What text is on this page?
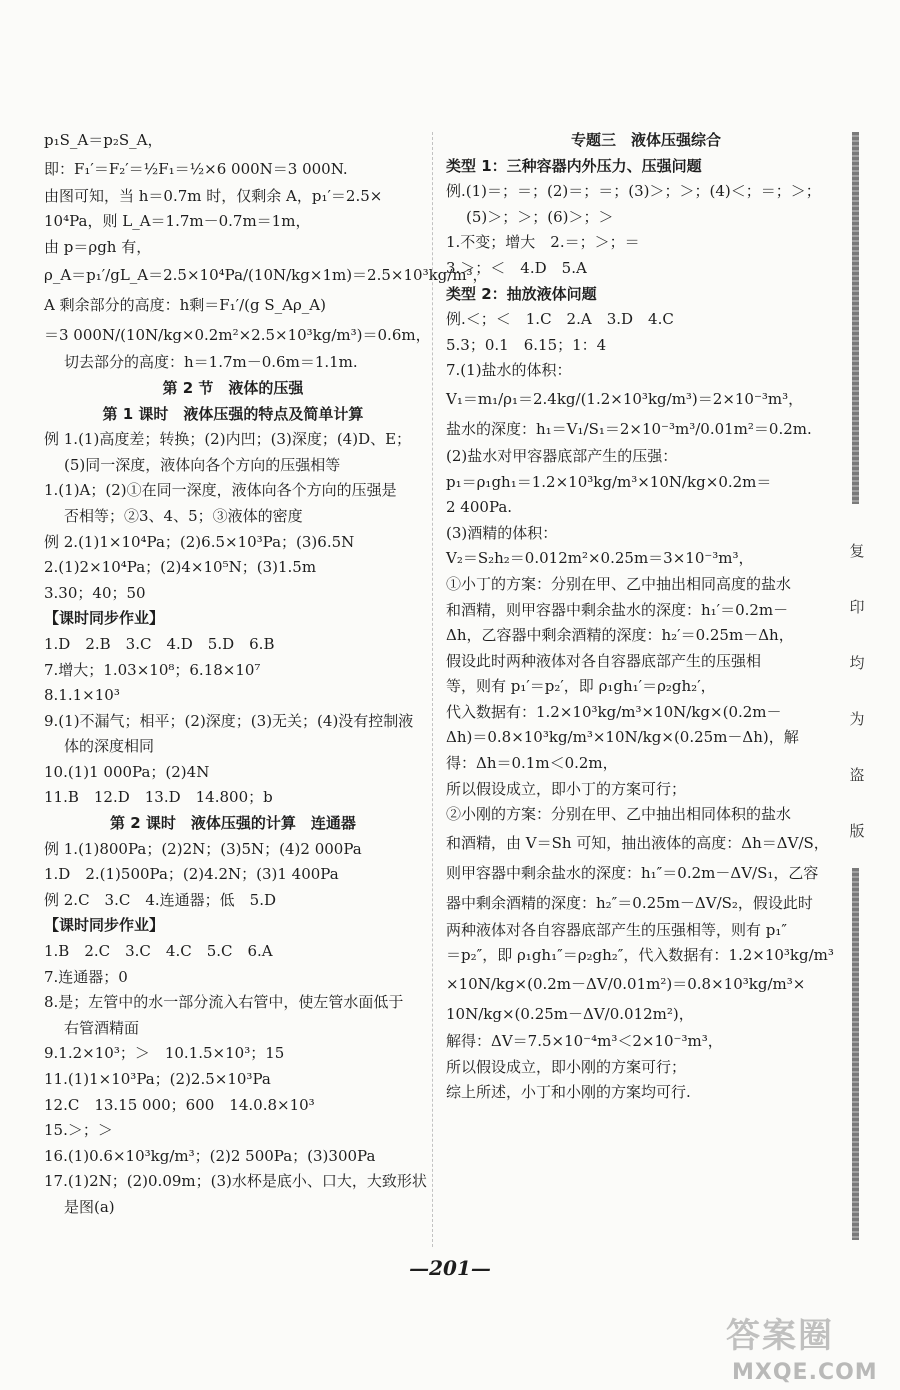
p₁S_A＝p₂S_A，
即：F₁′＝F₂′＝½F₁＝½×6 000N＝3 000N.
由图可知，当 h＝0.7m 时，仅剩余 A，p₁′＝2.5×
10⁴Pa，则 L_A＝1.7m－0.7m＝1m，
由 p＝ρgh 有，
ρ_A＝p₁′/gL_A＝2.5×10⁴Pa/(10N/kg×1m)＝2.5×10³kg/m³，
A 剩余部分的高度：h剩＝F₁′/(g S_Aρ_A)
＝3 000N/(10N/kg×0.2m²×2.5×10³kg/m³)＝0.6m，
切去部分的高度：h＝1.7m－0.6m＝1.1m.
第 2 节　液体的压强
第 1 课时　液体压强的特点及简单计算
例 1.(1)高度差；转换；(2)内凹；(3)深度；(4)D、E；
(5)同一深度，液体向各个方向的压强相等
1.(1)A；(2)①在同一深度，液体向各个方向的压强是
否相等；②3、4、5；③液体的密度
例 2.(1)1×10⁴Pa；(2)6.5×10³Pa；(3)6.5N
2.(1)2×10⁴Pa；(2)4×10⁵N；(3)1.5m
3.30；40；50
【课时同步作业】
1.D　2.B　3.C　4.D　5.D　6.B
7.增大；1.03×10⁸；6.18×10⁷
8.1.1×10³
9.(1)不漏气；相平；(2)深度；(3)无关；(4)没有控制液
体的深度相同
10.(1)1 000Pa；(2)4N
11.B　12.D　13.D　14.800；b
第 2 课时　液体压强的计算　连通器
例 1.(1)800Pa；(2)2N；(3)5N；(4)2 000Pa
1.D　2.(1)500Pa；(2)4.2N；(3)1 400Pa
例 2.C　3.C　4.连通器；低　5.D
【课时同步作业】
1.B　2.C　3.C　4.C　5.C　6.A
7.连通器；0
8.是；左管中的水一部分流入右管中，使左管水面低于
右管酒精面
9.1.2×10³；＞　10.1.5×10³；15
11.(1)1×10³Pa；(2)2.5×10³Pa
12.C　13.15 000；600　14.0.8×10³
15.＞；＞
16.(1)0.6×10³kg/m³；(2)2 500Pa；(3)300Pa
17.(1)2N；(2)0.09m；(3)水杯是底小、口大，大致形状
是图(a)
专题三　液体压强综合
类型 1：三种容器内外压力、压强问题
例.(1)＝；＝；(2)＝；＝；(3)＞；＞；(4)＜；＝；＞；
(5)＞；＞；(6)＞；＞
1.不变；增大　2.＝；＞；＝
3.＞；＜　4.D　5.A
类型 2：抽放液体问题
例.＜；＜　1.C　2.A　3.D　4.C
5.3；0.1　6.15；1：4
7.(1)盐水的体积：
V₁＝m₁/ρ₁＝2.4kg/(1.2×10³kg/m³)＝2×10⁻³m³，
盐水的深度：h₁＝V₁/S₁＝2×10⁻³m³/0.01m²＝0.2m.
(2)盐水对甲容器底部产生的压强：
p₁＝ρ₁gh₁＝1.2×10³kg/m³×10N/kg×0.2m＝
2 400Pa.
(3)酒精的体积：
V₂＝S₂h₂＝0.012m²×0.25m＝3×10⁻³m³，
①小丁的方案：分别在甲、乙中抽出相同高度的盐水
和酒精，则甲容器中剩余盐水的深度：h₁′＝0.2m－
Δh，乙容器中剩余酒精的深度：h₂′＝0.25m－Δh，
假设此时两种液体对各自容器底部产生的压强相
等，则有 p₁′＝p₂′，即 ρ₁gh₁′＝ρ₂gh₂′，
代入数据有：1.2×10³kg/m³×10N/kg×(0.2m－
Δh)＝0.8×10³kg/m³×10N/kg×(0.25m－Δh)，解
得：Δh＝0.1m＜0.2m，
所以假设成立，即小丁的方案可行；
②小刚的方案：分别在甲、乙中抽出相同体积的盐水
和酒精，由 V＝Sh 可知，抽出液体的高度：Δh＝ΔV/S，
则甲容器中剩余盐水的深度：h₁″＝0.2m－ΔV/S₁，乙容
器中剩余酒精的深度：h₂″＝0.25m－ΔV/S₂，假设此时
两种液体对各自容器底部产生的压强相等，则有 p₁″
＝p₂″，即 ρ₁gh₁″＝ρ₂gh₂″，代入数据有：1.2×10³kg/m³
×10N/kg×(0.2m－ΔV/0.01m²)＝0.8×10³kg/m³×
10N/kg×(0.25m－ΔV/0.012m²)，
解得：ΔV＝7.5×10⁻⁴m³＜2×10⁻³m³，
所以假设成立，即小刚的方案可行；
综上所述，小丁和小刚的方案均可行.
复
印
均
为
盗
版
—201—
答案圈
MXQE.COM
